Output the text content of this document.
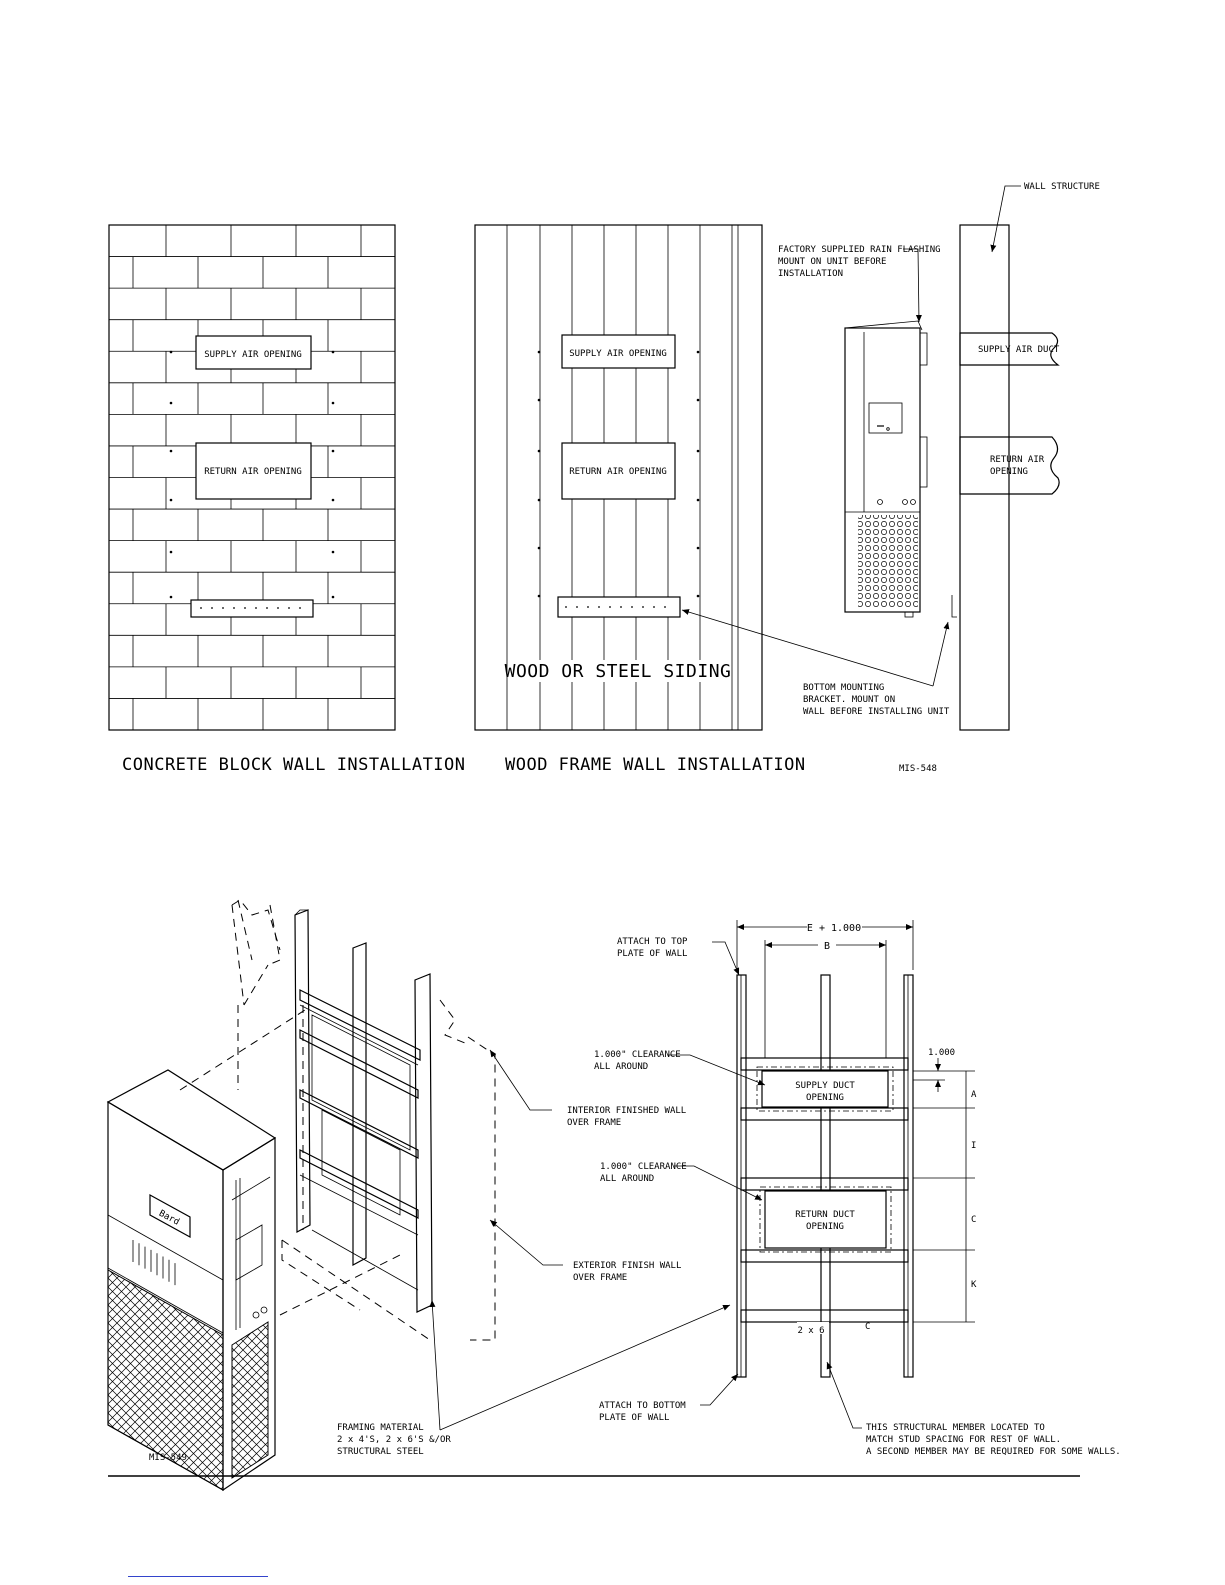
SUPPLY AIR OPENING
RETURN AIR OPENING
CONCRETE BLOCK WALL INSTALLATION
SUPPLY AIR OPENING
RETURN AIR OPENING
WOOD OR STEEL SIDING
WOOD FRAME WALL INSTALLATION
WALL STRUCTURE
SUPPLY AIR DUCT
RETURN AIR
OPENING
FACTORY SUPPLIED RAIN FLASHING
MOUNT ON UNIT BEFORE
INSTALLATION
BOTTOM MOUNTING
BRACKET. MOUNT ON
WALL BEFORE INSTALLING UNIT
MIS-548
Bard
INTERIOR FINISHED WALL
OVER FRAME
EXTERIOR FINISH WALL
OVER FRAME
FRAMING MATERIAL
2 x 4'S, 2 x 6'S &/OR
STRUCTURAL STEEL
MIS-549
SUPPLY DUCT
OPENING
RETURN DUCT
OPENING
E + 1.000
B
1.000
A
I
C
K
2 x 6	C
ATTACH TO TOP
PLATE OF WALL
1.000" CLEARANCE
ALL AROUND
1.000" CLEARANCE
ALL AROUND
ATTACH TO BOTTOM
PLATE OF WALL
THIS STRUCTURAL MEMBER LOCATED TO
MATCH STUD SPACING FOR REST OF WALL.
A SECOND MEMBER MAY BE REQUIRED FOR SOME WALLS.
